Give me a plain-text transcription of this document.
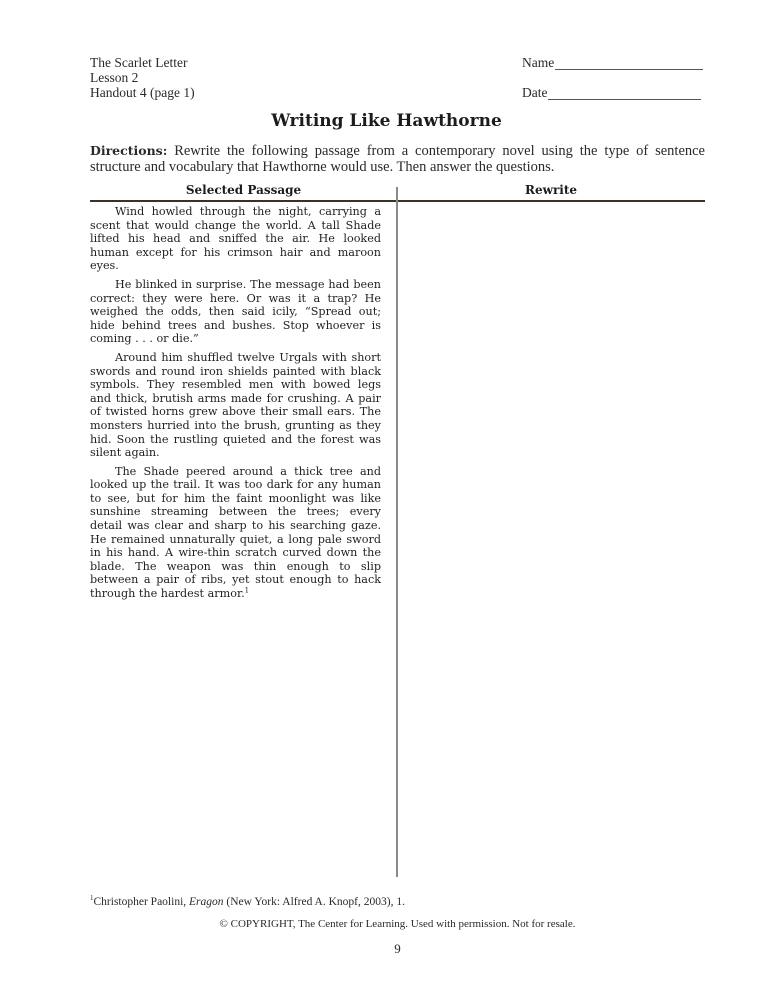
The Scarlet Letter
Lesson 2
Handout 4 (page 1)
Name
Date
Writing Like Hawthorne
Directions: Rewrite the following passage from a contemporary novel using the type of sentence structure and vocabulary that Hawthorne would use. Then answer the questions.
Selected Passage	Rewrite

Wind howled through the night, carrying a scent that would change the world. A tall Shade lifted his head and sniffed the air. He looked human except for his crimson hair and maroon eyes.

He blinked in surprise. The message had been correct: they were here. Or was it a trap? He weighed the odds, then said icily, “Spread out; hide behind trees and bushes. Stop whoever is coming . . . or die.”

Around him shuffled twelve Urgals with short swords and round iron shields painted with black symbols. They resembled men with bowed legs and thick, brutish arms made for crushing. A pair of twisted horns grew above their small ears. The monsters hurried into the brush, grunting as they hid. Soon the rustling quieted and the forest was silent again.

The Shade peered around a thick tree and looked up the trail. It was too dark for any human to see, but for him the faint moonlight was like sunshine streaming between the trees; every detail was clear and sharp to his searching gaze. He remained unnaturally quiet, a long pale sword in his hand. A wire-thin scratch curved down the blade. The weapon was thin enough to slip between a pair of ribs, yet stout enough to hack through the hardest armor.$^1$

$^1$Christopher Paolini, Eragon (New York: Alfred A. Knopf, 2003), 1.
© COPYRIGHT, The Center for Learning. Used with permission. Not for resale.
9
